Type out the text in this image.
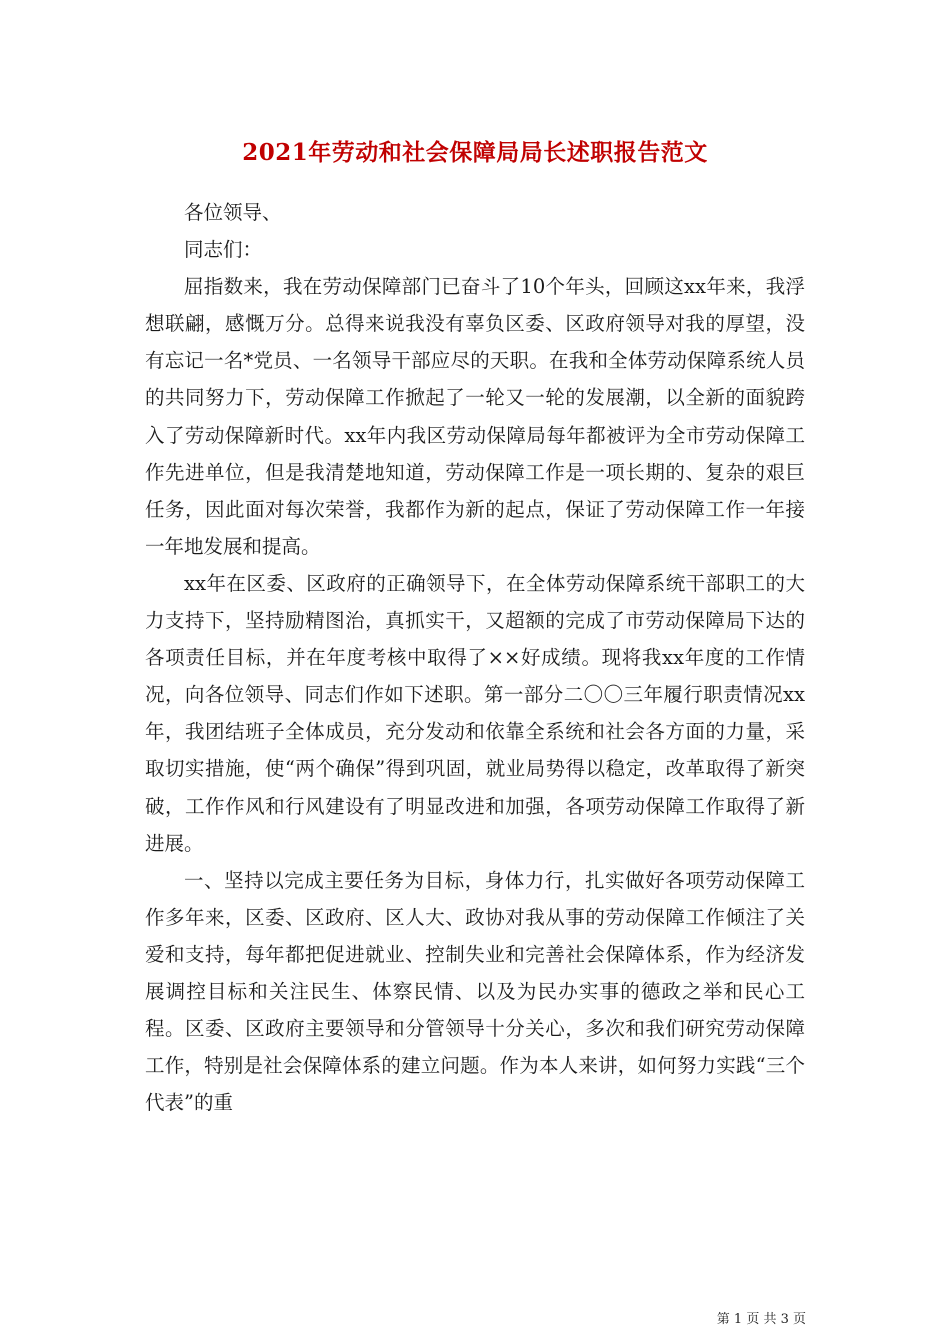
2021年劳动和社会保障局局长述职报告范文

各位领导、

同志们：

屈指数来，我在劳动保障部门已奋斗了10个年头，回顾这xx年来，我浮想联翩，感慨万分。总得来说我没有辜负区委、区政府领导对我的厚望，没有忘记一名*党员、一名领导干部应尽的天职。在我和全体劳动保障系统人员的共同努力下，劳动保障工作掀起了一轮又一轮的发展潮，以全新的面貌跨入了劳动保障新时代。xx年内我区劳动保障局每年都被评为全市劳动保障工作先进单位，但是我清楚地知道，劳动保障工作是一项长期的、复杂的艰巨任务，因此面对每次荣誉，我都作为新的起点，保证了劳动保障工作一年接一年地发展和提高。

xx年在区委、区政府的正确领导下，在全体劳动保障系统干部职工的大力支持下，坚持励精图治，真抓实干，又超额的完成了市劳动保障局下达的各项责任目标，并在年度考核中取得了××好成绩。现将我xx年度的工作情况，向各位领导、同志们作如下述职。第一部分二〇〇三年履行职责情况xx年，我团结班子全体成员，充分发动和依靠全系统和社会各方面的力量，采取切实措施，使“两个确保”得到巩固，就业局势得以稳定，改革取得了新突破，工作作风和行风建设有了明显改进和加强，各项劳动保障工作取得了新进展。

一、坚持以完成主要任务为目标，身体力行，扎实做好各项劳动保障工作多年来，区委、区政府、区人大、政协对我从事的劳动保障工作倾注了关爱和支持，每年都把促进就业、控制失业和完善社会保障体系，作为经济发展调控目标和关注民生、体察民情、以及为民办实事的德政之举和民心工程。区委、区政府主要领导和分管领导十分关心，多次和我们研究劳动保障工作，特别是社会保障体系的建立问题。作为本人来讲，如何努力实践“三个代表”的重

第 1 页 共 3 页
